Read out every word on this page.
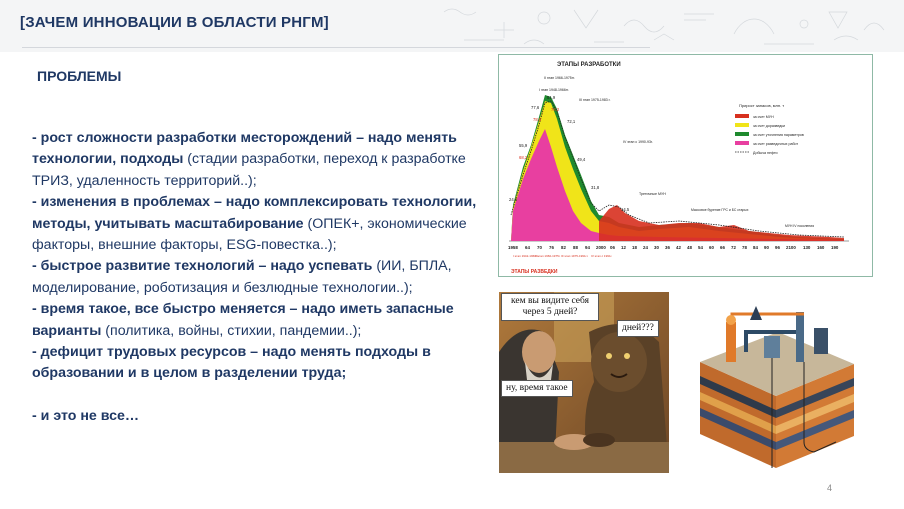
[ЗАЧЕМ ИННОВАЦИИ В ОБЛАСТИ РНГМ]
ПРОБЛЕМЫ

- рост сложности разработки месторождений – надо менять технологии, подходы (стадии разработки, переход к разработке ТРИЗ, удаленность территорий..);

- изменения в проблемах – надо комплексировать технологии, методы, учитывать масштабирование (ОПЕК+, экономические факторы, внешние факторы, ESG-повестка..);

- быстрое развитие технологий – надо успевать (ИИ, БПЛА, моделирование, роботизация и безлюдные технологии..);

- время такое, все быстро меняется – надо иметь запасные варианты (политика, войны, стихии, пандемии..);

- дефицит трудовых ресурсов – надо менять подходы в образовании и в целом в разделении труда;

- и это не все…

ЭТАПЫ РАЗРАБОТКИ
I этап 1948-1966гг.
II этап 1966-1975гг.
III этап 1975-1983 г.
IV этап с 1990-93г.
24,6
55,9
77,6
51,9
72,1
49,4
31,8
14,5
68,2
78,8
76,2
Третичные МУН
Массовое бурение ГРС и БС старых
МУН IV поколения
Прирост запасов, млн. т
за счет МУН
за счет доразведки
за счет уточнения параметров
за счет разведочных работ
Добыча нефти
1958 64 70 76 82 88 94 2000 06 12 18 24 30 36 42 48 54 60 66 72 78 84 90 96 2100 130 160 190
I этап 1942-1960гг.
II этап 1960-1975г. III этап 1975-1991гг. IV этап с 1991г.
ЭТАПЫ РАЗВЕДКИ
кем вы видите себя через 5 дней?
дней???
ну, время такое
4
